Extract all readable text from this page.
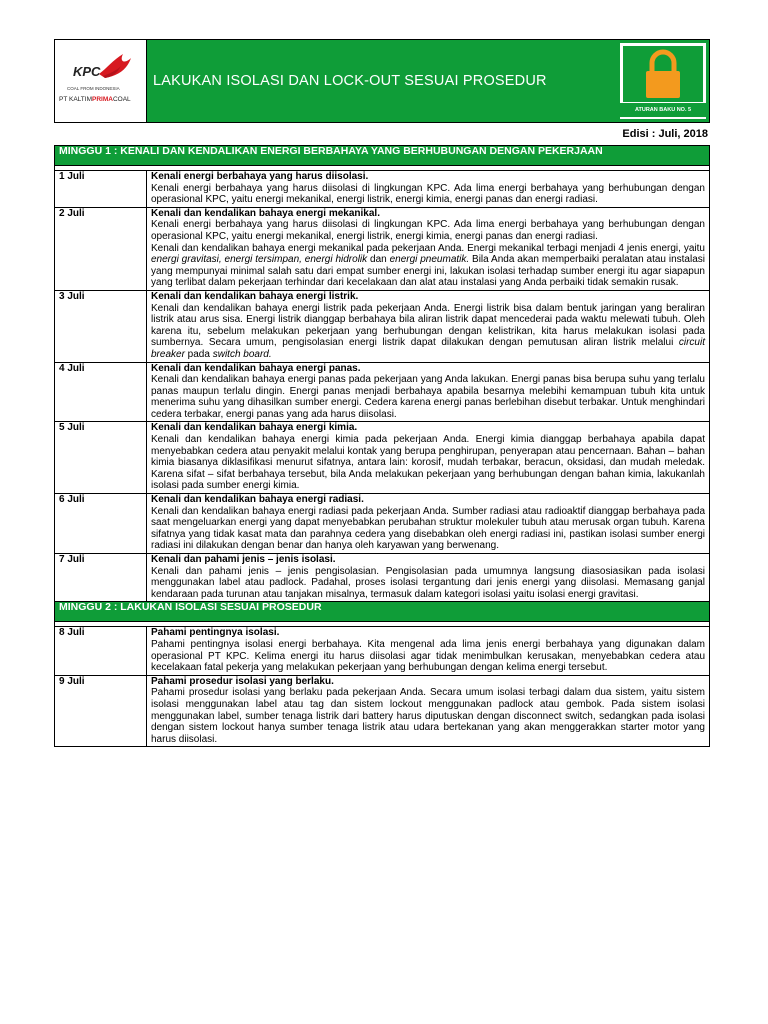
KPC
COAL FROM INDONESIA
PT KALTIMPRIMACOAL
LAKUKAN ISOLASI DAN LOCK-OUT SESUAI PROSEDUR
ATURAN BAKU NO. 5
Edisi : Juli, 2018
MINGGU 1 : KENALI DAN KENDALIKAN ENERGI BERBAHAYA YANG BERHUBUNGAN DENGAN PEKERJAAN	

1 Juli	Kenali energi berbahaya yang harus diisolasi.
Kenali energi berbahaya yang harus diisolasi di lingkungan KPC. Ada lima energi berbahaya yang berhubungan dengan operasional KPC, yaitu energi mekanikal, energi listrik, energi kimia, energi panas dan energi radiasi.

2 Juli	Kenali dan kendalikan bahaya energi mekanikal.
Kenali energi berbahaya yang harus diisolasi di lingkungan KPC. Ada lima energi berbahaya yang berhubungan dengan operasional KPC, yaitu energi mekanikal, energi listrik, energi kimia, energi panas dan energi radiasi.
Kenali dan kendalikan bahaya energi mekanikal pada pekerjaan Anda. Energi mekanikal terbagi menjadi 4 jenis energi, yaitu energi gravitasi, energi tersimpan, energi hidrolik dan energi pneumatik. Bila Anda akan memperbaiki peralatan atau instalasi yang mempunyai minimal salah satu dari empat sumber energi ini, lakukan isolasi terhadap sumber energi itu agar siapapun yang terlibat dalam pekerjaan terhindar dari kecelakaan dan alat atau instalasi yang Anda perbaiki tidak semakin rusak.

3 Juli	Kenali dan kendalikan bahaya energi listrik.
Kenali dan kendalikan bahaya energi listrik pada pekerjaan Anda. Energi listrik bisa dalam bentuk jaringan yang beraliran listrik atau arus sisa. Energi listrik dianggap berbahaya bila aliran listrik dapat mencederai pada waktu melewati tubuh. Oleh karena itu, sebelum melakukan pekerjaan yang berhubungan dengan kelistrikan, kita harus melakukan isolasi pada sumbernya. Secara umum, pengisolasian energi listrik dapat dilakukan dengan pemutusan aliran listrik melalui circuit breaker pada switch board.

4 Juli	Kenali dan kendalikan bahaya energi panas.
Kenali dan kendalikan bahaya energi panas pada pekerjaan yang Anda lakukan. Energi panas bisa berupa suhu yang terlalu panas maupun terlalu dingin. Energi panas menjadi berbahaya apabila besarnya melebihi kemampuan tubuh kita untuk menerima suhu yang dihasilkan sumber energi. Cedera karena energi panas berlebihan disebut terbakar. Untuk menghindari cedera terbakar, energi panas yang ada harus diisolasi.

5 Juli	Kenali dan kendalikan bahaya energi kimia.
Kenali dan kendalikan bahaya energi kimia pada pekerjaan Anda. Energi kimia dianggap berbahaya apabila dapat menyebabkan cedera atau penyakit melalui kontak yang berupa penghirupan, penyerapan atau pencernaan. Bahan – bahan kimia biasanya diklasifikasi menurut sifatnya, antara lain: korosif, mudah terbakar, beracun, oksidasi, dan mudah meledak. Karena sifat – sifat berbahaya tersebut, bila Anda melakukan pekerjaan yang berhubungan dengan bahan kimia, lakukanlah isolasi pada sumber energi kimia.

6 Juli	Kenali dan kendalikan bahaya energi radiasi.
Kenali dan kendalikan bahaya energi radiasi pada pekerjaan Anda. Sumber radiasi atau radioaktif dianggap berbahaya pada saat mengeluarkan energi yang dapat menyebabkan perubahan struktur molekuler tubuh atau merusak organ tubuh. Karena sifatnya yang tidak kasat mata dan parahnya cedera yang disebabkan oleh energi radiasi ini, pastikan isolasi sumber energi radiasi ini dilakukan dengan benar dan hanya oleh karyawan yang berwenang.

7 Juli	Kenali dan pahami jenis – jenis isolasi.
Kenali dan pahami jenis – jenis pengisolasian. Pengisolasian pada umumnya langsung diasosiasikan pada isolasi menggunakan label atau padlock. Padahal, proses isolasi tergantung dari jenis energi yang diisolasi. Memasang ganjal kendaraan pada turunan atau tanjakan misalnya, termasuk dalam kategori isolasi yaitu isolasi energi gravitasi.

MINGGU 2 : LAKUKAN ISOLASI SESUAI PROSEDUR	

8 Juli	Pahami pentingnya isolasi.
Pahami pentingnya isolasi energi berbahaya. Kita mengenal ada lima jenis energi berbahaya yang digunakan dalam operasional PT KPC. Kelima energi itu harus diisolasi agar tidak menimbulkan kerusakan, menyebabkan cedera atau kecelakaan fatal pekerja yang melakukan pekerjaan yang berhubungan dengan kelima energi tersebut.

9 Juli	Pahami prosedur isolasi yang berlaku.
Pahami prosedur isolasi yang berlaku pada pekerjaan Anda. Secara umum isolasi terbagi dalam dua sistem, yaitu sistem isolasi menggunakan label atau tag dan sistem lockout menggunakan padlock atau gembok. Pada sistem isolasi menggunakan label, sumber tenaga listrik dari battery harus diputuskan dengan disconnect switch, sedangkan pada isolasi dengan sistem lockout hanya sumber tenaga listrik atau udara bertekanan yang akan menggerakkan starter motor yang harus diisolasi.
